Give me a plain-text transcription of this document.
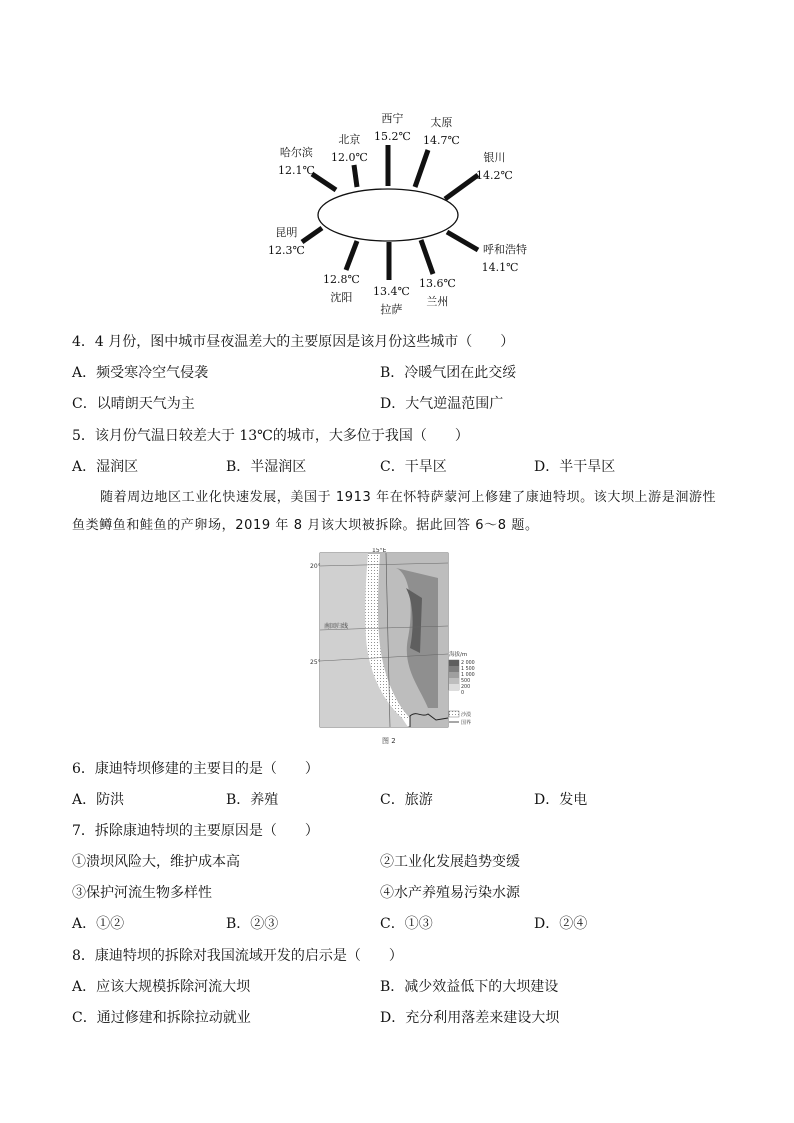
哈尔滨
12.1℃
北京
12.0℃
西宁
15.2℃
太原
14.7℃
银川
14.2℃
昆明
12.3℃	呼和浩特
14.1℃
12.8℃
沈阳	13.4℃
拉萨
13.6℃
兰州
4．4 月份，图中城市昼夜温差大的主要原因是该月份这些城市（　　）
A．频受寒冷空气侵袭	B．冷暖气团在此交绥
C．以晴朗天气为主	D．大气逆温范围广
5．该月份气温日较差大于 13℃的城市，大多位于我国（　　）
A．湿润区	B．半湿润区	C．干旱区	D．半干旱区
随着周边地区工业化快速发展，美国于 1913 年在怀特萨蒙河上修建了康迪特坝。该大坝上游是洄游性
鱼类鳟鱼和鲑鱼的产卵场，2019 年 8 月该大坝被拆除。据此回答 6～8 题。
15°E
20°
25°
南回归线
海拔/m
2 000
1 500
1 000
500
200
0
沙漠
国界
图 2
6．康迪特坝修建的主要目的是（　　）
A．防洪	B．养殖	C．旅游	D．发电
7．拆除康迪特坝的主要原因是（　　）
①溃坝风险大，维护成本高	②工业化发展趋势变缓
③保护河流生物多样性	④水产养殖易污染水源
A．①②	B．②③	C．①③	D．②④
8．康迪特坝的拆除对我国流域开发的启示是（　　）
A．应该大规模拆除河流大坝	B．减少效益低下的大坝建设
C．通过修建和拆除拉动就业	D．充分利用落差来建设大坝
